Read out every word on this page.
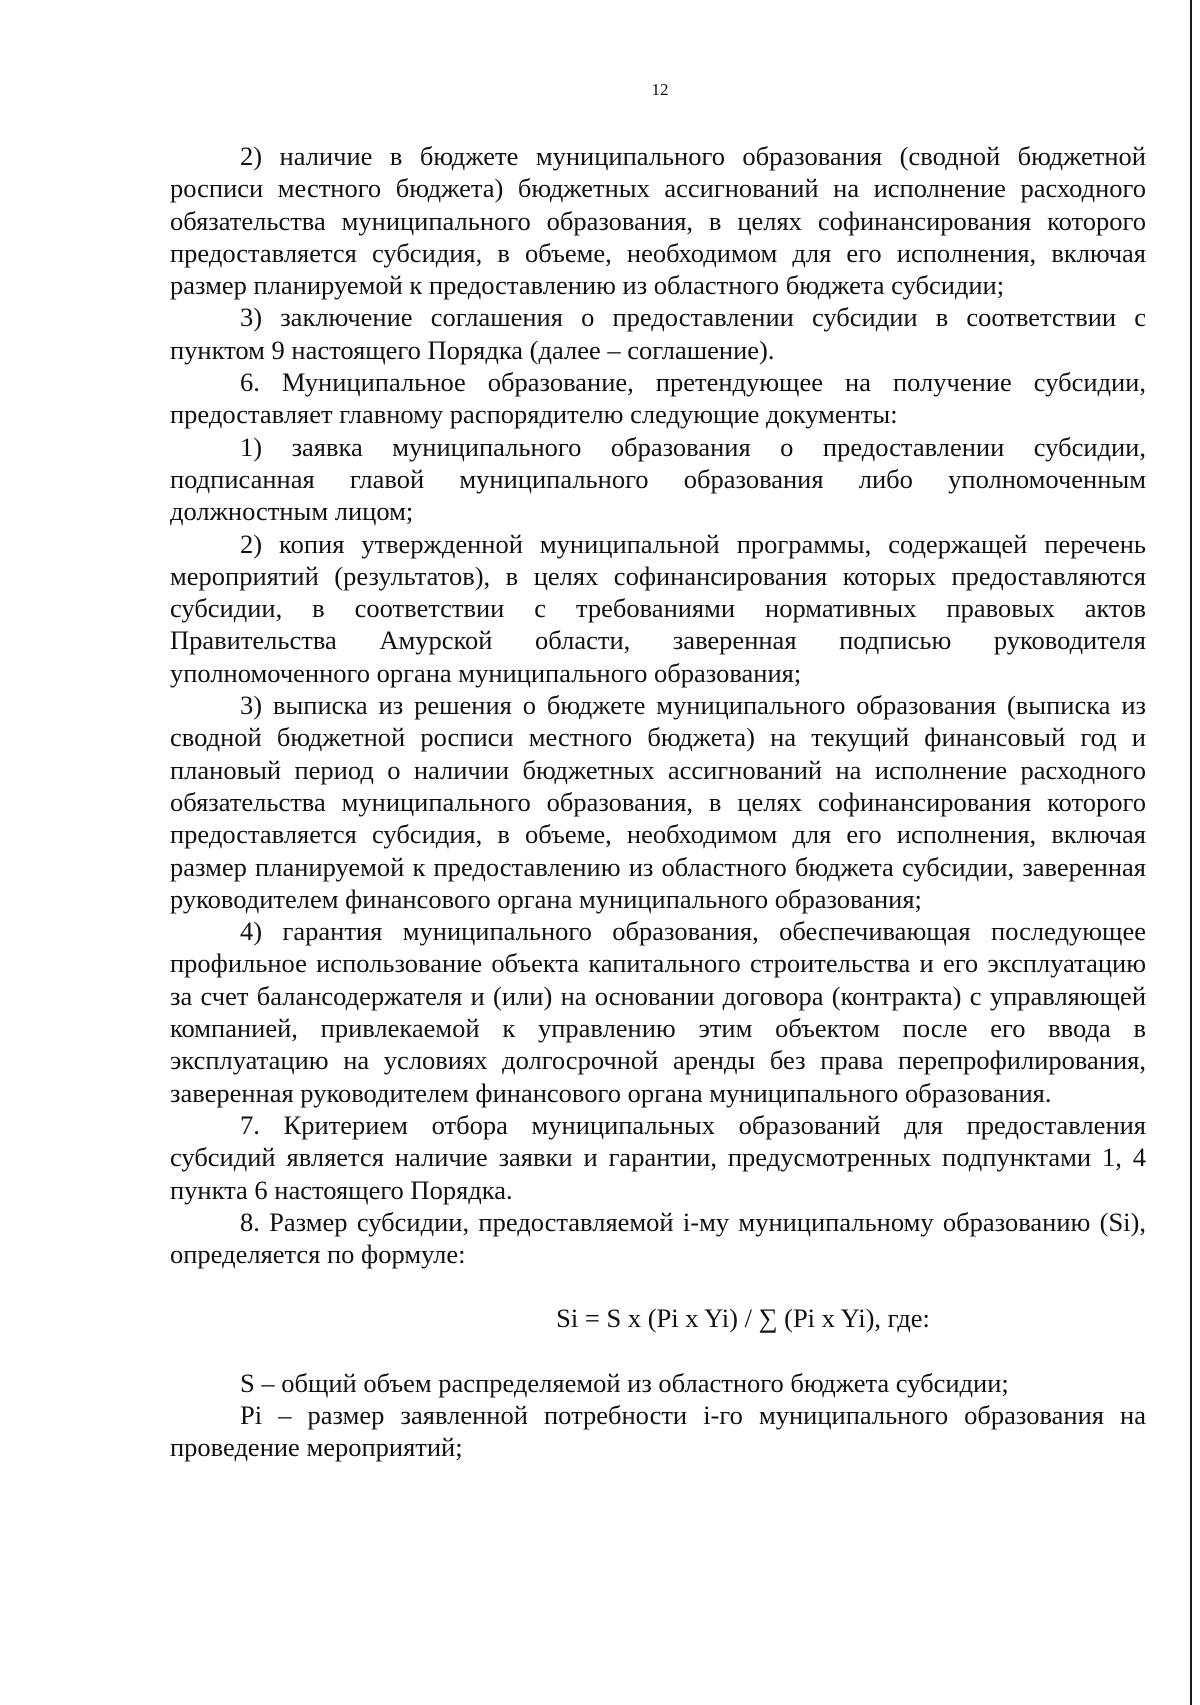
12

2) наличие в бюджете муниципального образования (сводной бюджетной росписи местного бюджета) бюджетных ассигнований на исполнение расходного обязательства муниципального образования, в целях софинансирования которого предоставляется субсидия, в объеме, необходимом для его исполнения, включая размер планируемой к предоставлению из областного бюджета субсидии;

3) заключение соглашения о предоставлении субсидии в соответствии с пунктом 9 настоящего Порядка (далее – соглашение).

6. Муниципальное образование, претендующее на получение субсидии, предоставляет главному распорядителю следующие документы:

1) заявка муниципального образования о предоставлении субсидии, подписанная главой муниципального образования либо уполномоченным должностным лицом;

2) копия утвержденной муниципальной программы, содержащей перечень мероприятий (результатов), в целях софинансирования которых предоставляются субсидии, в соответствии с требованиями нормативных правовых актов Правительства Амурской области, заверенная подписью руководителя уполномоченного органа муниципального образования;

3) выписка из решения о бюджете муниципального образования (выписка из сводной бюджетной росписи местного бюджета) на текущий финансовый год и плановый период о наличии бюджетных ассигнований на исполнение расходного обязательства муниципального образования, в целях софинансирования которого предоставляется субсидия, в объеме, необходимом для его исполнения, включая размер планируемой к предоставлению из областного бюджета субсидии, заверенная руководителем финансового органа муниципального образования;

4) гарантия муниципального образования, обеспечивающая последующее профильное использование объекта капитального строительства и его эксплуатацию за счет балансодержателя и (или) на основании договора (контракта) с управляющей компанией, привлекаемой к управлению этим объектом после его ввода в эксплуатацию на условиях долгосрочной аренды без права перепрофилирования, заверенная руководителем финансового органа муниципального образования.

7. Критерием отбора муниципальных образований для предоставления субсидий является наличие заявки и гарантии, предусмотренных подпунктами 1, 4 пункта 6 настоящего Порядка.

8. Размер субсидии, предоставляемой i-му муниципальному образованию (Si), определяется по формуле:

Si = S x (Pi x Yi) / ∑ (Pi x Yi), где:

S – общий объем распределяемой из областного бюджета субсидии;

Pi – размер заявленной потребности i-го муниципального образования на проведение мероприятий;
